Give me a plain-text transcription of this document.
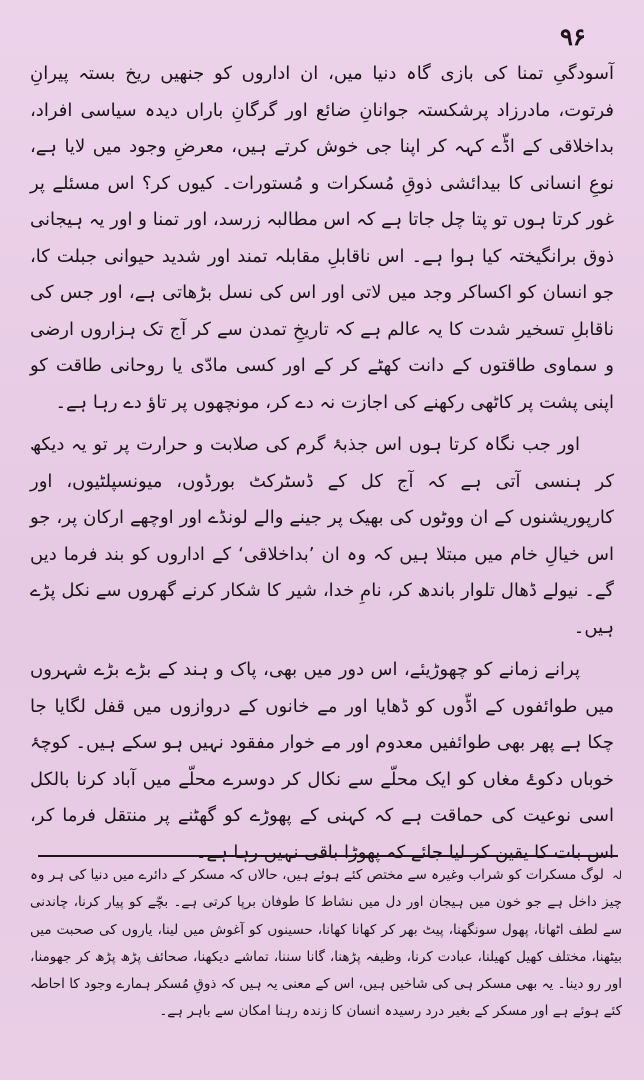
۹۶

آسودگیِ تمنا کی بازی گاہ دنیا میں، ان اداروں کو جنھیں ریخ بستہ پیرانِ فرتوت، مادرزاد پرشکستہ جوانانِ ضائع اور گرگانِ باراں دیدہ سیاسی افراد، بداخلاقی کے اڈّے کہہ کر اپنا جی خوش کرتے ہیں، معرضِ وجود میں لایا ہے، نوعِ انسانی کا بیدائشی ذوقِ مُسکرات و مُستورات۔ کیوں کر؟ اس مسئلے پر غور کرتا ہوں تو پتا چل جاتا ہے کہ اس مطالبہ زرسد، اور تمنا و اور یہ ہیجانی ذوق برانگیختہ کیا ہوا ہے۔ اس ناقابلِ مقابلہ تمند اور شدید حیوانی جبلت کا، جو انسان کو اکساکر وجد میں لاتی اور اس کی نسل بڑھاتی ہے، اور جس کی ناقابلِ تسخیر شدت کا یہ عالم ہے کہ تاریخِ تمدن سے کر آج تک ہزاروں ارضی و سماوی طاقتوں کے دانت کھٹے کر کے اور کسی مادّی یا روحانی طاقت کو اپنی پشت پر کاٹھی رکھنے کی اجازت نہ دے کر، مونچھوں پر تاؤ دے رہا ہے۔

اور جب نگاہ کرتا ہوں اس جذبۂ گرم کی صلابت و حرارت پر تو یہ دیکھ کر ہنسی آتی ہے کہ آج کل کے ڈسٹرکٹ بورڈوں، میونسپلٹیوں، اور کارپوریشنوں کے ان ووٹوں کی بھیک پر جینے والے لونڈے اور اوچھے ارکان پر، جو اس خیالِ خام میں مبتلا ہیں کہ وہ ان ’بداخلاقی‘ کے اداروں کو بند فرما دیں گے۔ نیولے ڈھال تلوار باندھ کر، نامِ خدا، شیر کا شکار کرنے گھروں سے نکل پڑے ہیں۔

پرانے زمانے کو چھوڑیئے، اس دور میں بھی، پاک و ہند کے بڑے بڑے شہروں میں طوائفوں کے اڈّوں کو ڈھایا اور مے خانوں کے دروازوں میں قفل لگایا جا چکا ہے پھر بھی طوائفیں معدوم اور مے خوار مفقود نہیں ہو سکے ہیں۔ کوچۂ خوباں دکوۓ مغاں کو ایک محلّے سے نکال کر دوسرے محلّے میں آباد کرنا بالکل اسی نوعیت کی حماقت ہے کہ کہنی کے پھوڑے کو گھٹنے پر منتقل فرما کر، اس بات کا یقین کر لیا جائے کہ پھوڑا باقی نہیں رہا ہے۔

لہ لوگ مسکرات کو شراب وغیرہ سے مختص کئے ہوئے ہیں، حالاں کہ مسکر کے دائرے میں دنیا کی ہر وہ چیز داخل ہے جو خون میں ہیجان اور دل میں نشاط کا طوفان برپا کرتی ہے۔ بچّے کو پیار کرنا، چاندنی سے لطف اٹھانا، پھول سونگھنا، پیٹ بھر کر کھانا کھانا، حسینوں کو آغوش میں لینا، یاروں کی صحبت میں بیٹھنا، مختلف کھیل کھیلنا، عبادت کرنا، وظیفہ پڑھنا، گانا سننا، تماشے دیکھنا، صحائف پڑھ پڑھ کر جھومنا، اور رو دینا۔ یہ بھی مسکر ہی کی شاخیں ہیں، اس کے معنی یہ ہیں کہ ذوقِ مُسکر ہمارے وجود کا احاطہ کئے ہوئے ہے اور مسکر کے بغیر درد رسیدہ انسان کا زندہ رہنا امکان سے باہر ہے۔
